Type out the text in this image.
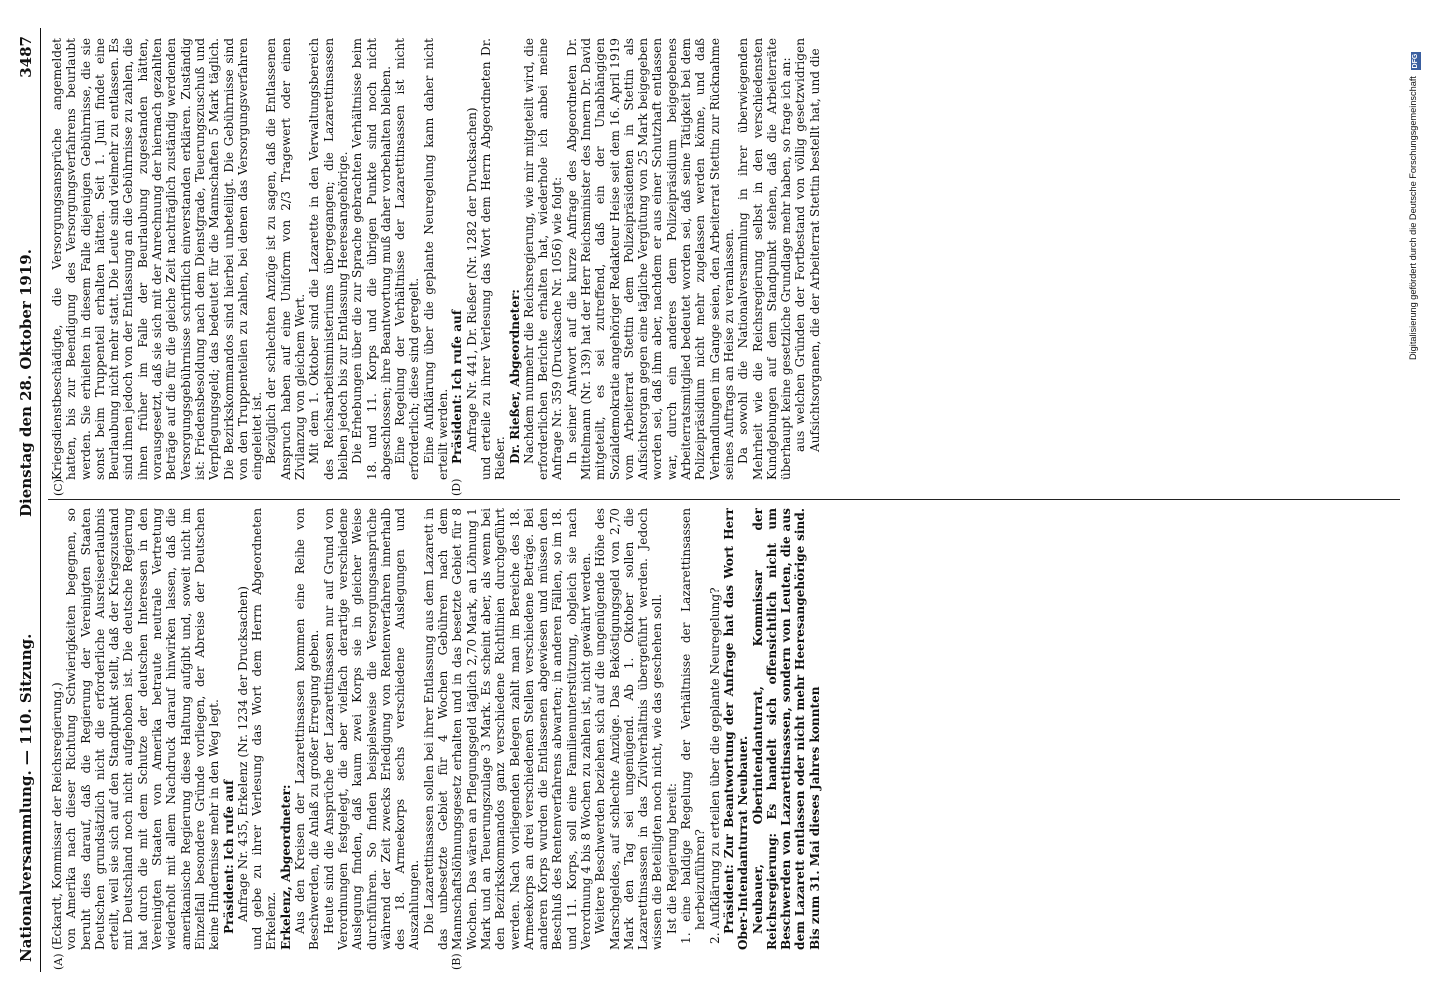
Nationalversammlung. — 110. Sitzung.
Dienstag den 28. Oktober 1919.
3487
(A)	(B)
(C)	(D)

(Eckardt, Kommissar der Reichsregierung.) von Amerika nach dieser Richtung Schwierigkeiten begegnen, so beruht dies darauf, daß die Regierung der Vereinigten Staaten Deutschen grundsätzlich nicht die erforderliche Ausreiseerlaubnis erteilt, weil sie sich auf den Standpunkt stellt, daß der Kriegszustand mit Deutschland noch nicht aufgehoben ist. Die deutsche Regierung hat durch die mit dem Schutze der deutschen Interessen in den Vereinigten Staaten von Amerika betraute neutrale Vertretung wiederholt mit allem Nachdruck darauf hinwirken lassen, daß die amerikanische Regierung diese Haltung aufgibt und, soweit nicht im Einzelfall besondere Gründe vorliegen, der Abreise der Deutschen keine Hindernisse mehr in den Weg legt. Präsident: Ich rufe auf Anfrage Nr. 435, Erkelenz (Nr. 1234 der Drucksachen) und gebe zu ihrer Verlesung das Wort dem Herrn Abgeordneten Erkelenz. Erkelenz, Abgeordneter: Aus den Kreisen der Lazarettinsassen kommen eine Reihe von Beschwerden, die Anlaß zu großer Erregung geben. Heute sind die Ansprüche der Lazarettinsassen nur auf Grund von Verordnungen festgelegt, die aber vielfach derartige verschiedene Auslegung finden, daß kaum zwei Korps sie in gleicher Weise durchführen. So finden beispielsweise die Versorgungsansprüche während der Zeit zwecks Erledigung von Rentenverfahren innerhalb des 18. Armeekorps sechs verschiedene Auslegungen und Auszahlungen. Die Lazarettinsassen sollen bei ihrer Entlassung aus dem Lazarett in das unbesetzte Gebiet für 4 Wochen Gebühren nach dem Mannschaftslöhnungsgesetz erhalten und in das besetzte Gebiet für 8 Wochen. Das wären an Pflegungsgeld täglich 2,70 Mark, an Löhnung 1 Mark und an Teuerungszulage 3 Mark. Es scheint aber, als wenn bei den Bezirkskommandos ganz verschiedene Richtlinien durchgeführt werden. Nach vorliegenden Belegen zahlt man im Bereiche des 18. Armeekorps an drei verschiedenen Stellen verschiedene Beträge. Bei anderen Korps wurden die Entlassenen abgewiesen und müssen den Beschluß des Rentenverfahrens abwarten; in anderen Fällen, so im 18. und 11. Korps, soll eine Familienunterstützung, obgleich sie nach Verordnung 4 bis 8 Wochen zu zahlen ist, nicht gewährt werden. Weitere Beschwerden beziehen sich auf die ungenügende Höhe des Marschgeldes, auf schlechte Anzüge. Das Beköstigungsgeld von 2,70 Mark den Tag sei ungenügend. Ab 1. Oktober sollen die Lazarettinsassen in das Zivilverhältnis übergeführt werden. Jedoch wissen die Beteiligten noch nicht, wie das geschehen soll. Ist die Regierung bereit: 1. eine baldige Regelung der Verhältnisse der Lazarettinsassen herbeizuführen? 2. Aufklärung zu erteilen über die geplante Neuregelung? Präsident: Zur Beantwortung der Anfrage hat das Wort Herr Ober-Intendanturrat Neubauer. Neubauer, Oberintendanturrat, Kommissar der Reichsregierung: Es handelt sich offensichtlich nicht um Beschwerden von Lazarettinsassen, sondern von Leuten, die aus dem Lazarett entlassen oder nicht mehr Heeresangehörige sind. Bis zum 31. Mai dieses Jahres konnten

Kriegsdienstbeschädigte, die Versorgungsansprüche angemeldet hatten, bis zur Beendigung des Versorgungsverfahrens beurlaubt werden. Sie erhielten in diesem Falle diejenigen Gebührnisse, die sie sonst beim Truppenteil erhalten hätten. Seit 1. Juni findet eine Beurlaubung nicht mehr statt. Die Leute sind vielmehr zu entlassen. Es sind ihnen jedoch von der Entlassung an die Gebührnisse zu zahlen, die ihnen früher im Falle der Beurlaubung zugestanden hätten, vorausgesetzt, daß sie sich mit der Anrechnung der hiernach gezahlten Beträge auf die für die gleiche Zeit nachträglich zuständig werdenden Versorgungsgebührnisse schriftlich einverstanden erklären. Zuständig ist: Friedensbesoldung nach dem Dienstgrade, Teuerungszuschuß und Verpflegungsgeld; das bedeutet für die Mannschaften 5 Mark täglich. Die Bezirkskommandos sind hierbei unbeteiligt. Die Gebührnisse sind von den Truppenteilen zu zahlen, bei denen das Versorgungsverfahren eingeleitet ist. Bezüglich der schlechten Anzüge ist zu sagen, daß die Entlassenen Anspruch haben auf eine Uniform von 2/3 Tragewert oder einen Zivilanzug von gleichem Wert. Mit dem 1. Oktober sind die Lazarette in den Verwaltungsbereich des Reichsarbeitsministeriums übergegangen; die Lazarettinsassen bleiben jedoch bis zur Entlassung Heeresangehörige. Die Erhebungen über die zur Sprache gebrachten Verhältnisse beim 18. und 11. Korps und die übrigen Punkte sind noch nicht abgeschlossen; ihre Beantwortung muß daher vorbehalten bleiben. Eine Regelung der Verhältnisse der Lazarettinsassen ist nicht erforderlich; diese sind geregelt. Eine Aufklärung über die geplante Neuregelung kann daher nicht erteilt werden. Präsident: Ich rufe auf Anfrage Nr. 441, Dr. Rießer (Nr. 1282 der Drucksachen) und erteile zu ihrer Verlesung das Wort dem Herrn Abgeordneten Dr. Rießer. Dr. Rießer, Abgeordneter: Nachdem nunmehr die Reichsregierung, wie mir mitgeteilt wird, die erforderlichen Berichte erhalten hat, wiederhole ich anbei meine Anfrage Nr. 359 (Drucksache Nr. 1056) wie folgt: In seiner Antwort auf die kurze Anfrage des Abgeordneten Dr. Mittelmann (Nr. 139) hat der Herr Reichsminister des Innern Dr. David mitgeteilt, es sei zutreffend, daß ein der Unabhängigen Sozialdemokratie angehöriger Redakteur Heise seit dem 16. April 1919 vom Arbeiterrat Stettin dem Polizeipräsidenten in Stettin als Aufsichtsorgan gegen eine tägliche Vergütung von 25 Mark beigegeben worden sei, daß ihm aber, nachdem er aus einer Schutzhaft entlassen war, durch ein anderes dem Polizeipräsidium beigegebenes Arbeiterratsmitglied bedeutet worden sei, daß seine Tätigkeit bei dem Polizeipräsidium nicht mehr zugelassen werden könne, und daß Verhandlungen im Gange seien, den Arbeiterrat Stettin zur Rücknahme seines Auftrags an Heise zu veranlassen. Da sowohl die Nationalversammlung in ihrer überwiegenden Mehrheit wie die Reichsregierung selbst in den verschiedensten Kundgebungen auf dem Standpunkt stehen, daß die Arbeiterräte überhaupt keine gesetzliche Grundlage mehr haben, so frage ich an: aus welchen Gründen der Fortbestand von völlig gesetzwidrigen Aufsichtsorganen, die der Arbeiterrat Stettin bestellt hat, und die	Digitalisierung gefördert durch die Deutsche ForschungsgemeinschaftDFG
